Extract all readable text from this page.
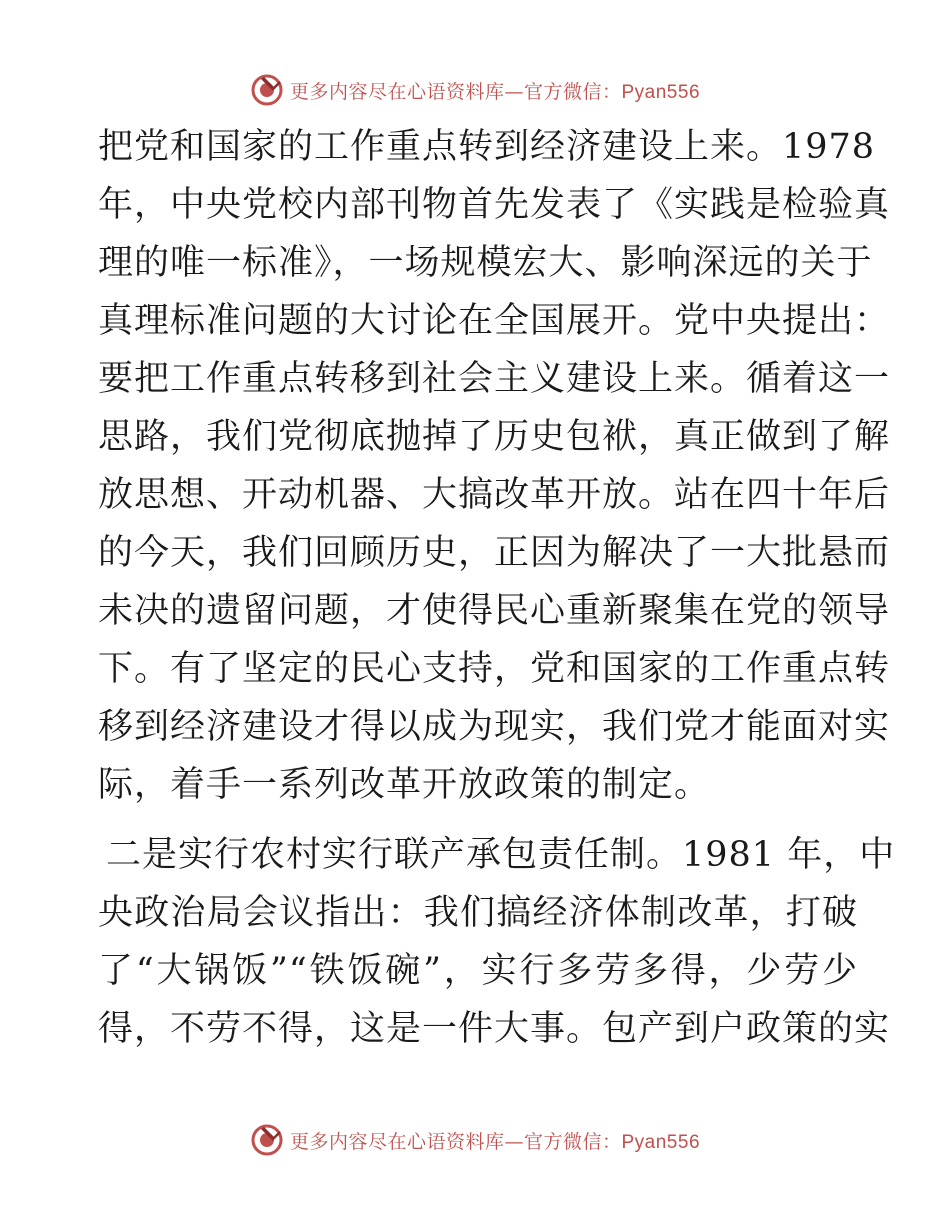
更多内容尽在心语资料库—官方微信：Pyan556
把党和国家的工作重点转到经济建设上来。1978
年，中央党校内部刊物首先发表了《实践是检验真
理的唯一标准》，一场规模宏大、影响深远的关于
真理标准问题的大讨论在全国展开。党中央提出：
要把工作重点转移到社会主义建设上来。循着这一
思路，我们党彻底抛掉了历史包袱，真正做到了解
放思想、开动机器、大搞改革开放。站在四十年后
的今天，我们回顾历史，正因为解决了一大批悬而
未决的遗留问题，才使得民心重新聚集在党的领导
下。有了坚定的民心支持，党和国家的工作重点转
移到经济建设才得以成为现实，我们党才能面对实
际，着手一系列改革开放政策的制定。
二是实行农村实行联产承包责任制。1981 年，中
央政治局会议指出：我们搞经济体制改革，打破
了“大锅饭”“铁饭碗”，实行多劳多得，少劳少
得，不劳不得，这是一件大事。包产到户政策的实
更多内容尽在心语资料库—官方微信：Pyan556
